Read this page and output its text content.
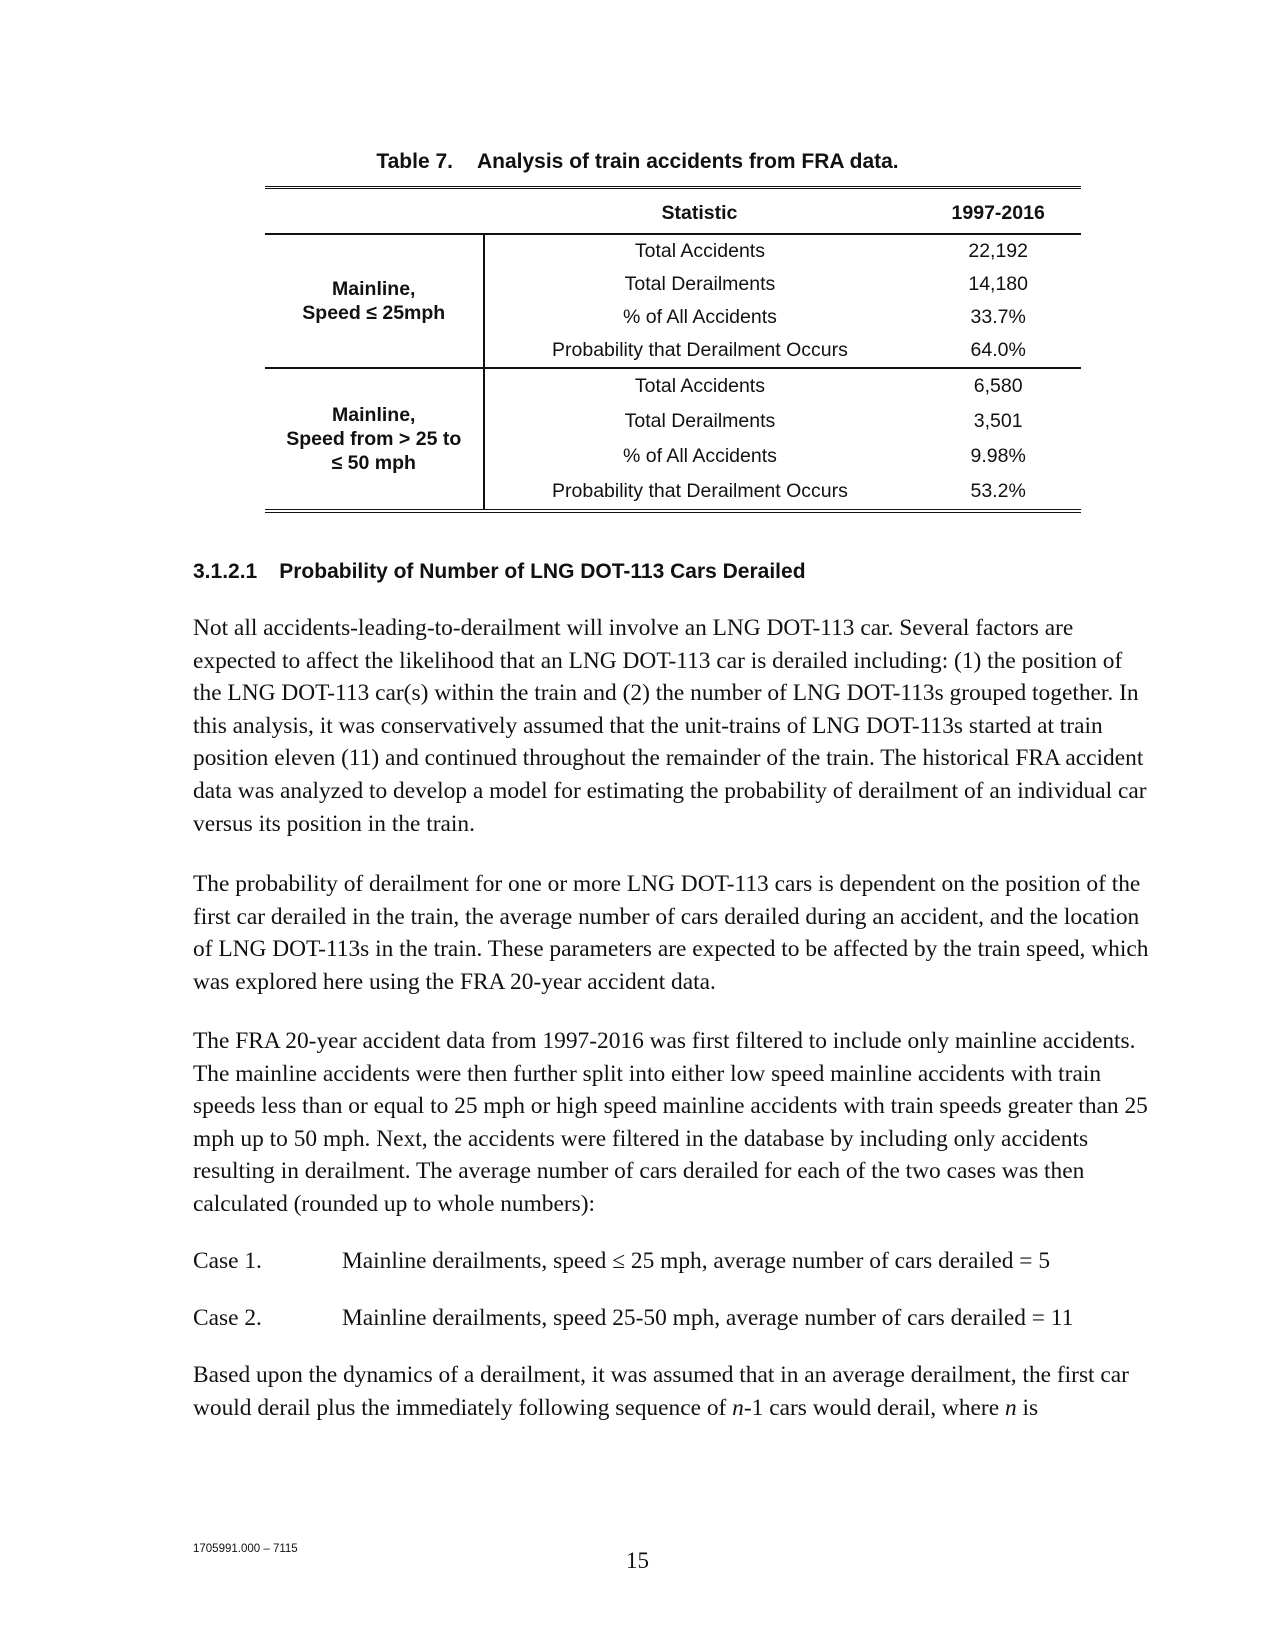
Table 7. Analysis of train accidents from FRA data.

	Statistic	1997-2016

Mainline,
Speed ≤ 25mph	Total Accidents	22,192
	Total Derailments	14,180
	% of All Accidents	33.7%
	Probability that Derailment Occurs	64.0%

Mainline,
Speed from > 25 to
≤ 50 mph	Total Accidents	6,580
	Total Derailments	3,501
	% of All Accidents	9.98%
	Probability that Derailment Occurs	53.2%
3.1.2.1 Probability of Number of LNG DOT-113 Cars Derailed

Not all accidents-leading-to-derailment will involve an LNG DOT-113 car. Several factors are expected to affect the likelihood that an LNG DOT-113 car is derailed including: (1) the position of the LNG DOT-113 car(s) within the train and (2) the number of LNG DOT-113s grouped together. In this analysis, it was conservatively assumed that the unit-trains of LNG DOT-113s started at train position eleven (11) and continued throughout the remainder of the train. The historical FRA accident data was analyzed to develop a model for estimating the probability of derailment of an individual car versus its position in the train.

The probability of derailment for one or more LNG DOT-113 cars is dependent on the position of the first car derailed in the train, the average number of cars derailed during an accident, and the location of LNG DOT-113s in the train. These parameters are expected to be affected by the train speed, which was explored here using the FRA 20-year accident data.

The FRA 20-year accident data from 1997-2016 was first filtered to include only mainline accidents. The mainline accidents were then further split into either low speed mainline accidents with train speeds less than or equal to 25 mph or high speed mainline accidents with train speeds greater than 25 mph up to 50 mph. Next, the accidents were filtered in the database by including only accidents resulting in derailment. The average number of cars derailed for each of the two cases was then calculated (rounded up to whole numbers):

Case 1.	Mainline derailments, speed ≤ 25 mph, average number of cars derailed = 5
Case 2.	Mainline derailments, speed 25-50 mph, average number of cars derailed = 11

Based upon the dynamics of a derailment, it was assumed that in an average derailment, the first car would derail plus the immediately following sequence of n-1 cars would derail, where n is

1705991.000 – 7115	15
